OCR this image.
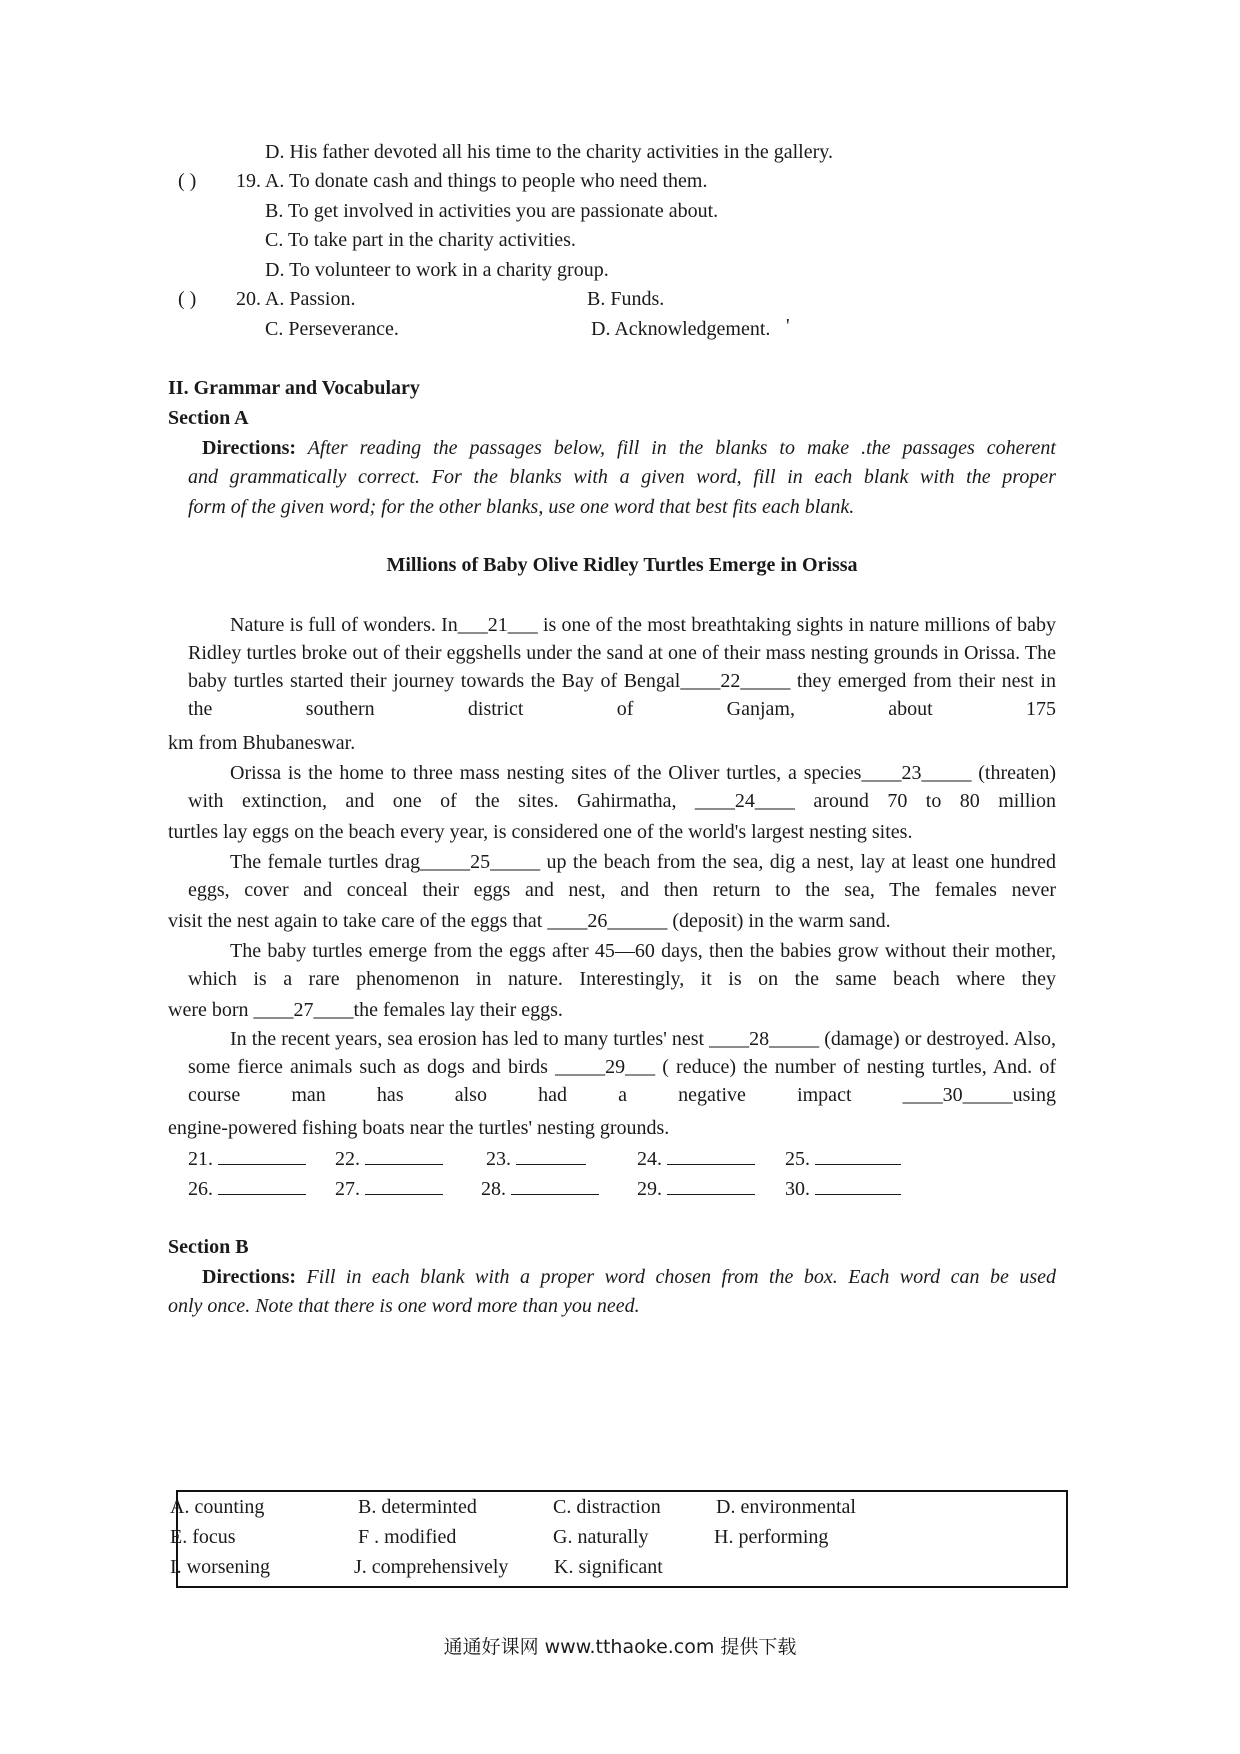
D. His father devoted all his time to the charity activities in the gallery.
( ) 19. A. To donate cash and things to people who need them.
B. To get involved in activities you are passionate about.
C. To take part in the charity activities.
D. To volunteer to work in a charity group.
( ) 20. A. Passion.	B. Funds.
C. Perseverance.	D. Acknowledgement. '
II. Grammar and Vocabulary
Section A
Directions: After reading the passages below, fill in the blanks to make .the passages coherent
and grammatically correct. For the blanks with a given word, fill in each blank with the proper
form of the given word; for the other blanks, use one word that best fits each blank.
Millions of Baby Olive Ridley Turtles Emerge in Orissa
Nature is full of wonders. In___21___ is one of the most breathtaking sights in nature millions of baby Ridley turtles broke out of their eggshells under the sand at one of their mass nesting grounds in Orissa. The baby turtles started their journey towards the Bay of Bengal____22_____ they emerged from their nest in the southern district of Ganjam, about 175
km from Bhubaneswar.
Orissa is the home to three mass nesting sites of the Oliver turtles, a species____23_____ (threaten) with extinction, and one of the sites. Gahirmatha, ____24____ around 70 to 80 million
turtles lay eggs on the beach every year, is considered one of the world's largest nesting sites.
The female turtles drag_____25_____ up the beach from the sea, dig a nest, lay at least one hundred eggs, cover and conceal their eggs and nest, and then return to the sea, The females never
visit the nest again to take care of the eggs that ____26______ (deposit) in the warm sand.
The baby turtles emerge from the eggs after 45—60 days, then the babies grow without their mother, which is a rare phenomenon in nature. Interestingly, it is on the same beach where they
were born ____27____the females lay their eggs.
In the recent years, sea erosion has led to many turtles' nest ____28_____ (damage) or destroyed. Also, some fierce animals such as dogs and birds _____29___ ( reduce) the number of nesting turtles, And. of course man has also had a negative impact ____30_____using
engine-powered fishing boats near the turtles' nesting grounds.
21.	22.	23.	24.	25.
26.	27.	28.	29.	30.
Section B
Directions: Fill in each blank with a proper word chosen from the box. Each word can be used
only once. Note that there is one word more than you need.
A. counting	B. determinted	C. distraction	D. environmental
E. focus	F . modified	G. naturally	H. performing
I. worsening	J. comprehensively K. significant
通通好课网 www.tthaoke.com 提供下载
